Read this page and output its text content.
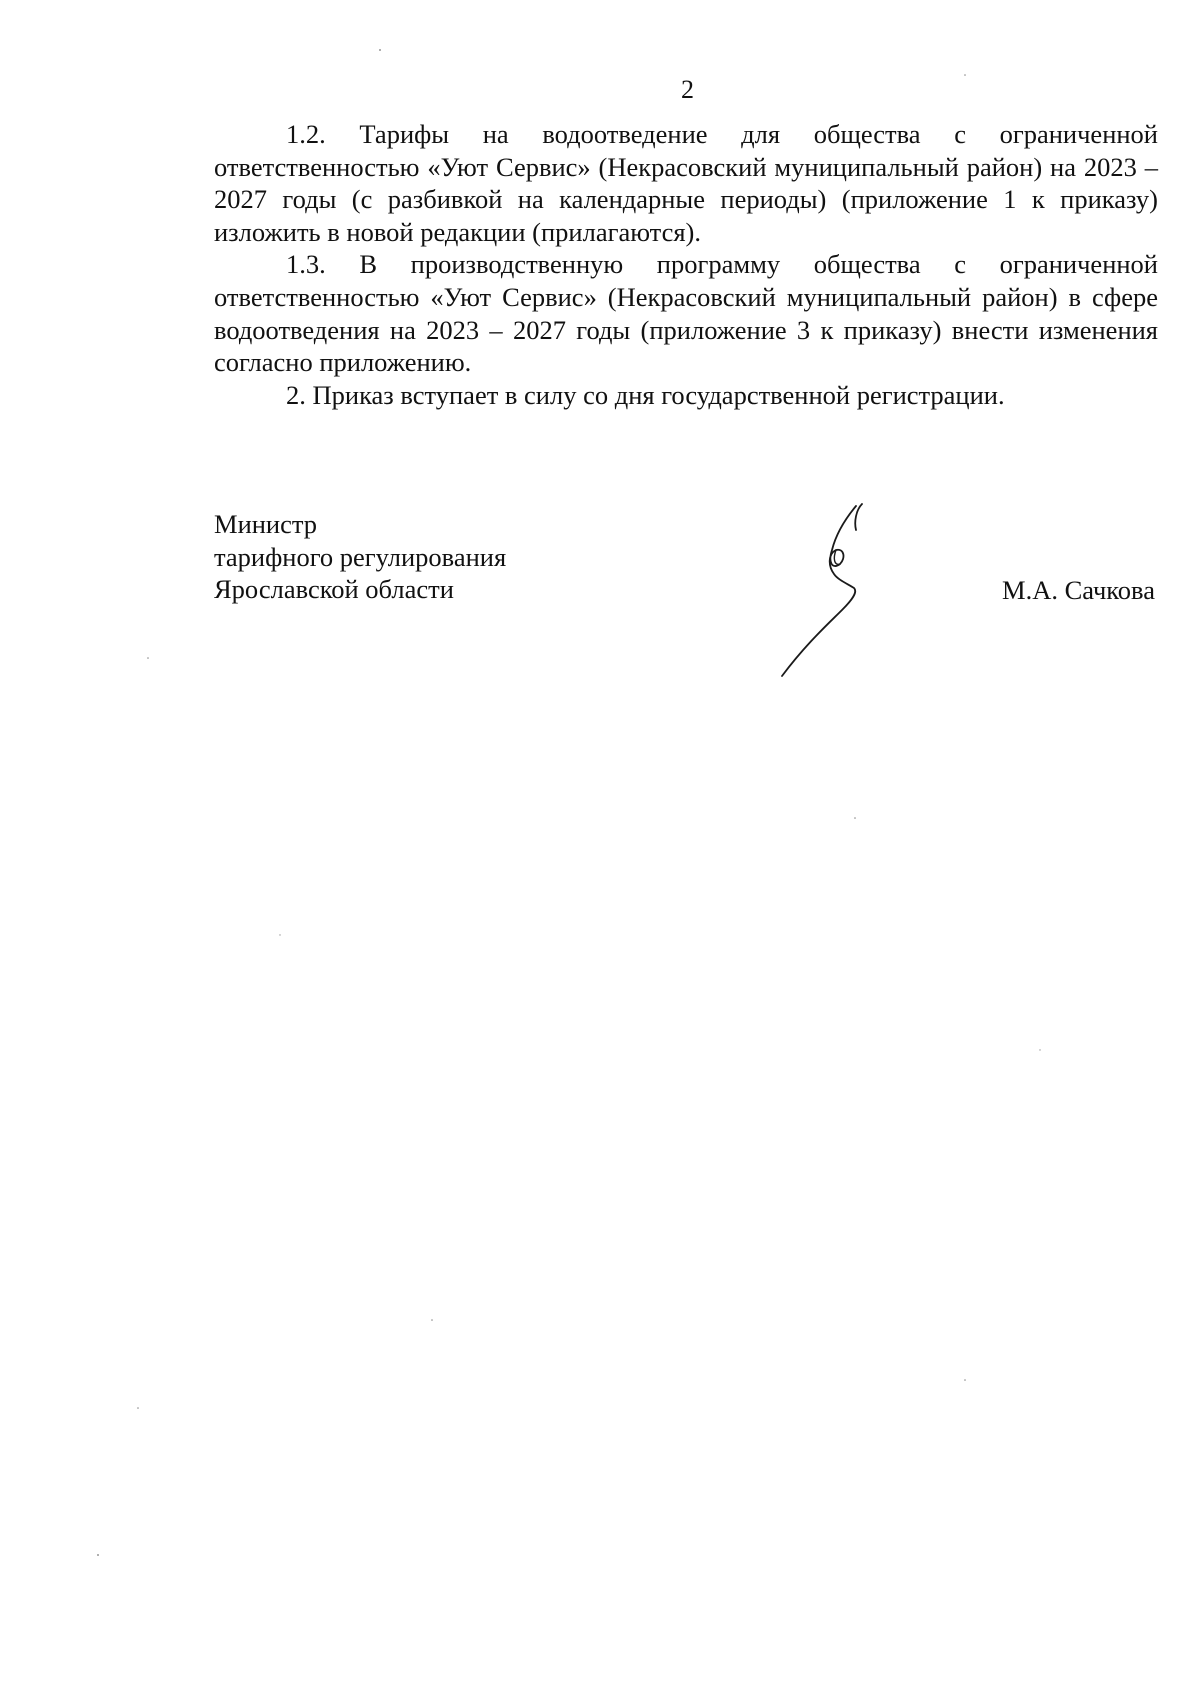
2

1.2. Тарифы на водоотведение для общества с ограниченной ответственностью «Уют Сервис» (Некрасовский муниципальный район) на 2023 – 2027 годы (с разбивкой на календарные периоды) (приложение 1 к приказу) изложить в новой редакции (прилагаются).

1.3. В производственную программу общества с ограниченной ответственностью «Уют Сервис» (Некрасовский муниципальный район) в сфере водоотведения на 2023 – 2027 годы (приложение 3 к приказу) внести изменения согласно приложению.

2. Приказ вступает в силу со дня государственной регистрации.

Министр
тарифного регулирования
Ярославской области	М.А. Сачкова
